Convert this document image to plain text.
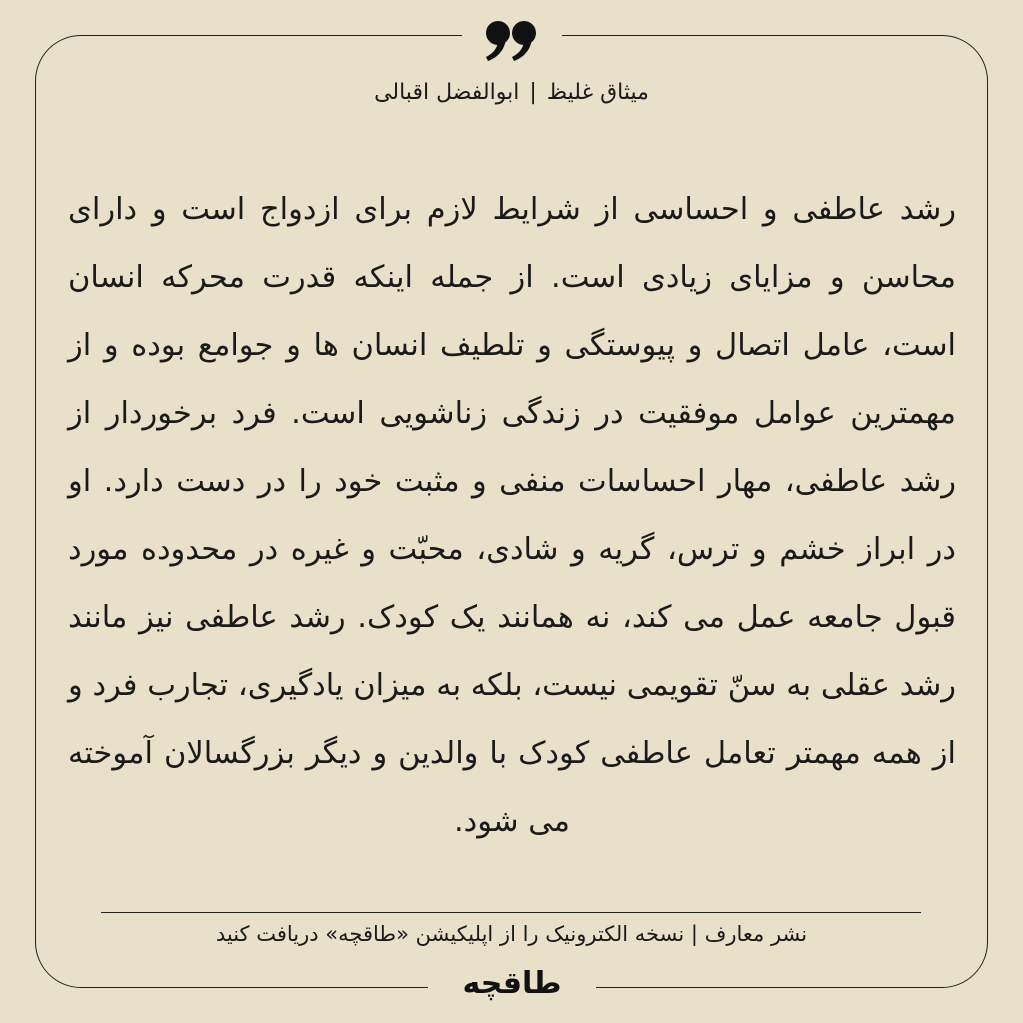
میثاق غلیظ|ابوالفضل اقبالی
رشد عاطفی و احساسی از شرایط لازم برای ازدواج است و دارای محاسن و مزایای زیادی است. از جمله اینکه قدرت محرکه انسان است، عامل اتصال و پیوستگی و تلطیف انسان ها و جوامع بوده و از مهمترین عوامل موفقیت در زندگی زناشویی است. فرد برخوردار از رشد عاطفی، مهار احساسات منفی و مثبت خود را در دست دارد. او در ابراز خشم و ترس، گریه و شادی، محبّت و غیره در محدوده مورد قبول جامعه عمل می کند، نه همانند یک کودک. رشد عاطفی نیز مانند رشد عقلی به سنّ تقویمی نیست، بلکه به میزان یادگیری، تجارب فرد و از همه مهمتر تعامل عاطفی کودک با والدین و دیگر بزرگسالان آموخته می شود.
نشر معارف | نسخه الکترونیک را از اپلیکیشن «طاقچه» دریافت کنید
طاقچه
